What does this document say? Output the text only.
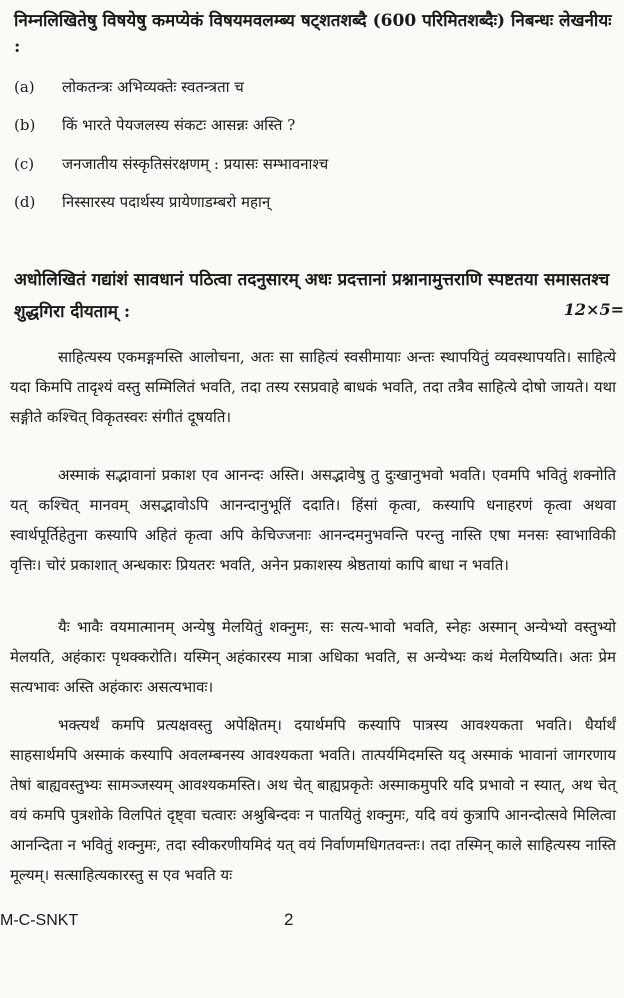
निम्नलिखितेषु विषयेषु कमप्येकं विषयमवलम्ब्य षट्शतशब्दै (600 परिमितशब्दैः) निबन्धः लेखनीयः :
(a) लोकतन्त्रः अभिव्यक्तेः स्वतन्त्रता च
(b) किं भारते पेयजलस्य संकटः आसन्नः अस्ति ?
(c) जनजातीय संस्कृतिसंरक्षणम् : प्रयासः सम्भावनाश्च
(d) निस्सारस्य पदार्थस्य प्रायेणाडम्बरो महान्
अधोलिखितं गद्यांशं सावधानं पठित्वा तदनुसारम् अधः प्रदत्तानां प्रश्नानामुत्तराणि स्पष्टतया समासतश्च शुद्धगिरा दीयताम् :	12×5=
साहित्यस्य एकमङ्गमस्ति आलोचना, अतः सा साहित्यं स्वसीमायाः अन्तः स्थापयितुं व्यवस्थापयति। साहित्ये यदा किमपि तादृश्यं वस्तु सम्मिलितं भवति, तदा तस्य रसप्रवाहे बाधकं भवति, तदा तत्रैव साहित्ये दोषो जायते। यथा सङ्गीते कश्चित् विकृतस्वरः संगीतं दूषयति।
अस्माकं सद्भावानां प्रकाश एव आनन्दः अस्ति। असद्भावेषु तु दुःखानुभवो भवति। एवमपि भवितुं शक्नोति यत् कश्चित् मानवम् असद्भावोऽपि आनन्दानुभूतिं ददाति। हिंसां कृत्वा, कस्यापि धनाहरणं कृत्वा अथवा स्वार्थपूर्तिहेतुना कस्यापि अहितं कृत्वा अपि केचिज्जनाः आनन्दमनुभवन्ति परन्तु नास्ति एषा मनसः स्वाभाविकी वृत्तिः। चोरं प्रकाशात् अन्धकारः प्रियतरः भवति, अनेन प्रकाशस्य श्रेष्ठतायां कापि बाधा न भवति।
यैः भावैः वयमात्मानम् अन्येषु मेलयितुं शक्नुमः, सः सत्य-भावो भवति, स्नेहः अस्मान् अन्येभ्यो वस्तुभ्यो मेलयति, अहंकारः पृथक्करोति। यस्मिन् अहंकारस्य मात्रा अधिका भवति, स अन्येभ्यः कथं मेलयिष्यति। अतः प्रेम सत्यभावः अस्ति अहंकारः असत्यभावः।
भक्त्यर्थं कमपि प्रत्यक्षवस्तु अपेक्षितम्। दयार्थमपि कस्यापि पात्रस्य आवश्यकता भवति। धैर्यार्थं साहसार्थमपि अस्माकं कस्यापि अवलम्बनस्य आवश्यकता भवति। तात्पर्यमिदमस्ति यद् अस्माकं भावानां जागरणाय तेषां बाह्यवस्तुभ्यः सामञ्जस्यम् आवश्यकमस्ति। अथ चेत् बाह्यप्रकृतेः अस्माकमुपरि यदि प्रभावो न स्यात्, अथ चेत् वयं कमपि पुत्रशोके विलपितं दृष्ट्वा चत्वारः अश्रुबिन्दवः न पातयितुं शक्नुमः, यदि वयं कुत्रापि आनन्दोत्सवे मिलित्वा आनन्दिता न भवितुं शक्नुमः, तदा स्वीकरणीयमिदं यत् वयं निर्वाणमधिगतवन्तः। तदा तस्मिन् काले साहित्यस्य नास्ति मूल्यम्। सत्साहित्यकारस्तु स एव भवति यः
M-C-SNKT	2
